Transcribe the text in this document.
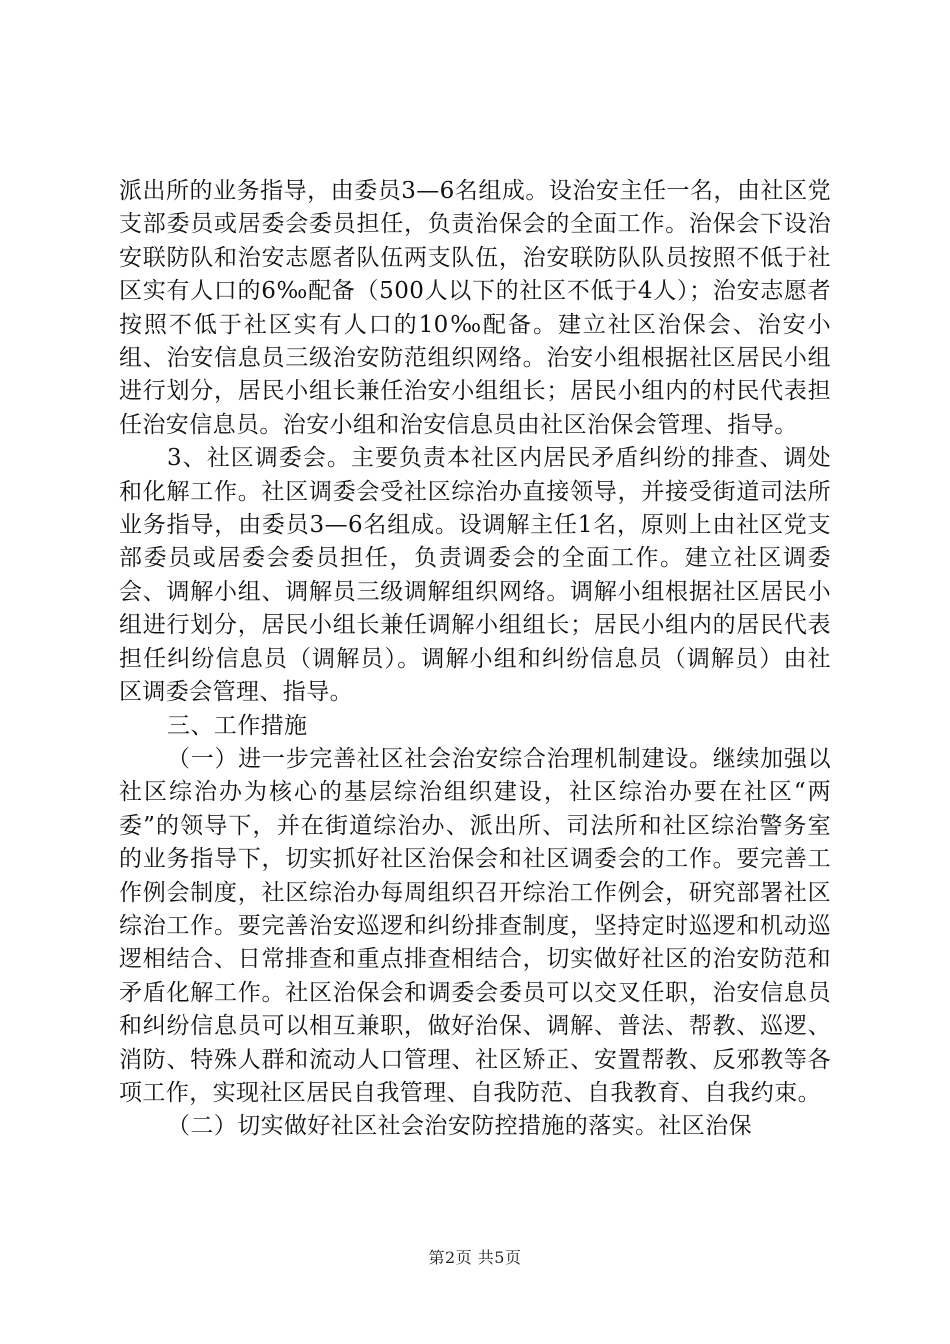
派出所的业务指导，由委员3—6名组成。设治安主任一名，由社区党支部委员或居委会委员担任，负责治保会的全面工作。治保会下设治安联防队和治安志愿者队伍两支队伍，治安联防队队员按照不低于社区实有人口的6‰配备（500人以下的社区不低于4人）；治安志愿者按照不低于社区实有人口的10‰配备。建立社区治保会、治安小组、治安信息员三级治安防范组织网络。治安小组根据社区居民小组进行划分，居民小组长兼任治安小组组长；居民小组内的村民代表担任治安信息员。治安小组和治安信息员由社区治保会管理、指导。

3、社区调委会。主要负责本社区内居民矛盾纠纷的排查、调处和化解工作。社区调委会受社区综治办直接领导，并接受街道司法所业务指导，由委员3—6名组成。设调解主任1名，原则上由社区党支部委员或居委会委员担任，负责调委会的全面工作。建立社区调委会、调解小组、调解员三级调解组织网络。调解小组根据社区居民小组进行划分，居民小组长兼任调解小组组长；居民小组内的居民代表担任纠纷信息员（调解员）。调解小组和纠纷信息员（调解员）由社区调委会管理、指导。

三、工作措施

（一）进一步完善社区社会治安综合治理机制建设。继续加强以社区综治办为核心的基层综治组织建设，社区综治办要在社区“两委”的领导下，并在街道综治办、派出所、司法所和社区综治警务室的业务指导下，切实抓好社区治保会和社区调委会的工作。要完善工作例会制度，社区综治办每周组织召开综治工作例会，研究部署社区综治工作。要完善治安巡逻和纠纷排查制度，坚持定时巡逻和机动巡逻相结合、日常排查和重点排查相结合，切实做好社区的治安防范和矛盾化解工作。社区治保会和调委会委员可以交叉任职，治安信息员和纠纷信息员可以相互兼职，做好治保、调解、普法、帮教、巡逻、消防、特殊人群和流动人口管理、社区矫正、安置帮教、反邪教等各项工作，实现社区居民自我管理、自我防范、自我教育、自我约束。

（二）切实做好社区社会治安防控措施的落实。社区治保

第2页 共5页
